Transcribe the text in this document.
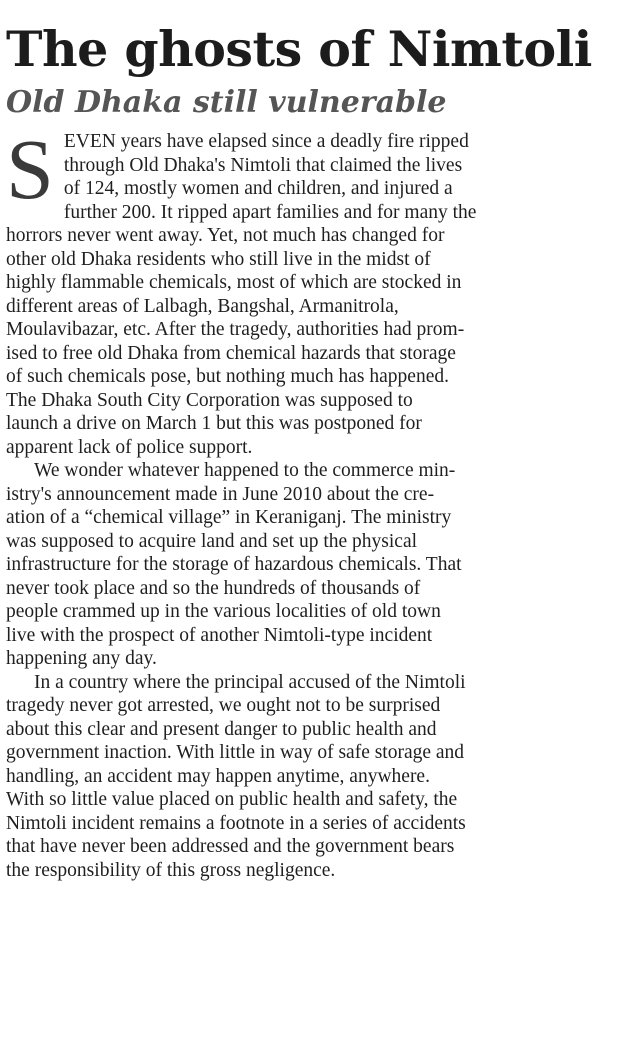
The ghosts of Nimtoli
Old Dhaka still vulnerable

S EVEN years have elapsed since a deadly fire ripped
through Old Dhaka's Nimtoli that claimed the lives
of 124, mostly women and children, and injured a
further 200. It ripped apart families and for many the
horrors never went away. Yet, not much has changed for
other old Dhaka residents who still live in the midst of
highly flammable chemicals, most of which are stocked in
different areas of Lalbagh, Bangshal, Armanitrola,
Moulavibazar, etc. After the tragedy, authorities had prom-
ised to free old Dhaka from chemical hazards that storage
of such chemicals pose, but nothing much has happened.
The Dhaka South City Corporation was supposed to
launch a drive on March 1 but this was postponed for
apparent lack of police support.

We wonder whatever happened to the commerce min-
istry's announcement made in June 2010 about the cre-
ation of a “chemical village” in Keraniganj. The ministry
was supposed to acquire land and set up the physical
infrastructure for the storage of hazardous chemicals. That
never took place and so the hundreds of thousands of
people crammed up in the various localities of old town
live with the prospect of another Nimtoli-type incident
happening any day.

In a country where the principal accused of the Nimtoli
tragedy never got arrested, we ought not to be surprised
about this clear and present danger to public health and
government inaction. With little in way of safe storage and
handling, an accident may happen anytime, anywhere.
With so little value placed on public health and safety, the
Nimtoli incident remains a footnote in a series of accidents
that have never been addressed and the government bears
the responsibility of this gross negligence.
